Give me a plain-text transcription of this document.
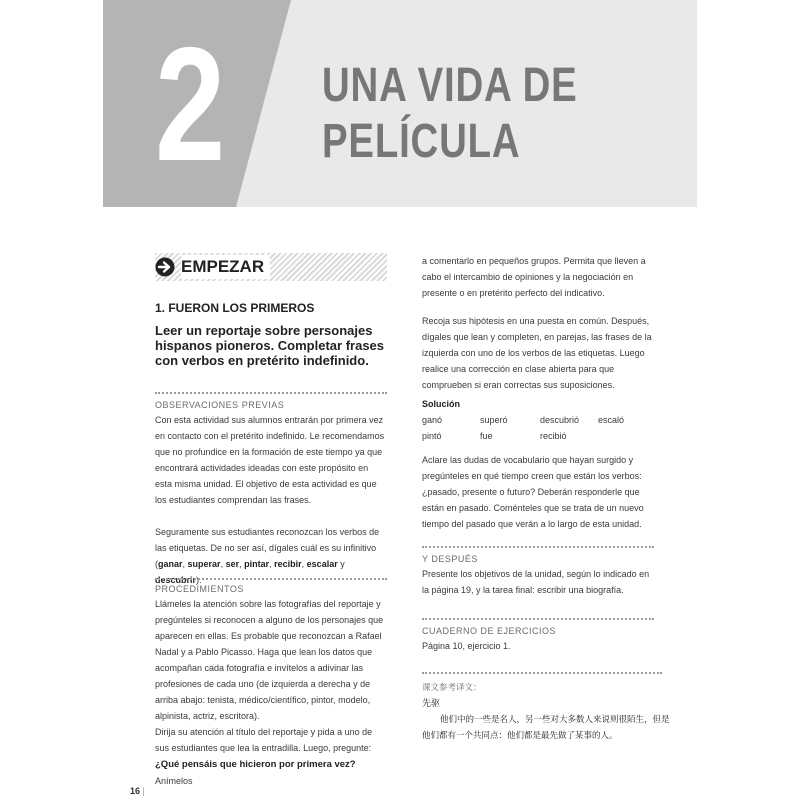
2 UNA VIDA DE
PELÍCULA
EMPEZAR
1. FUERON LOS PRIMEROS
Leer un reportaje sobre personajes hispanos pioneros. Completar frases con verbos en pretérito indefinido.
OBSERVACIONES PREVIAS

Con esta actividad sus alumnos entrarán por primera vez en contacto con el pretérito indefinido. Le recomendamos que no profundice en la formación de este tiempo ya que encontrará actividades ideadas con este propósito en esta misma unidad. El objetivo de esta actividad es que los estudiantes comprendan las frases.

Seguramente sus estudiantes reconozcan los verbos de las etiquetas. De no ser así, dígales cuál es su infinitivo (ganar, superar, ser, pintar, recibir, escalar y descubrir).

PROCEDIMIENTOS

Llámeles la atención sobre las fotografías del reportaje y pregúnteles si reconocen a alguno de los personajes que aparecen en ellas. Es probable que reconozcan a Rafael Nadal y a Pablo Picasso. Haga que lean los datos que acompañan cada fotografía e invítelos a adivinar las profesiones de cada uno (de izquierda a derecha y de arriba abajo: tenista, médico/científico, pintor, modelo, alpinista, actriz, escritora).

Dirija su atención al título del reportaje y pida a uno de sus estudiantes que lea la entradilla. Luego, pregunte: ¿Qué pensáis que hicieron por primera vez? Anímelos

a comentarlo en pequeños grupos. Permita que lleven a cabo el intercambio de opiniones y la negociación en presente o en pretérito perfecto del indicativo.

Recoja sus hipótesis en una puesta en común. Después, dígales que lean y completen, en parejas, las frases de la izquierda con uno de los verbos de las etiquetas. Luego realice una corrección en clase abierta para que comprueben si eran correctas sus suposiciones.

Solución
ganó	superó	descubrió	escaló
pintó	fue	recibió

Aclare las dudas de vocabulario que hayan surgido y pregúnteles en qué tiempo creen que están los verbos: ¿pasado, presente o futuro? Deberán responderle que están en pasado. Coménteles que se trata de un nuevo tiempo del pasado que verán a lo largo de esta unidad.

Y DESPUÉS
Presente los objetivos de la unidad, según lo indicado en la página 19, y la tarea final: escribir una biografía.
CUADERNO DE EJERCICIOS
Página 10, ejercicio 1.
课文参考译文：
先驱
他们中的一些是名人，另一些对大多数人来说则很陌生，但是
他们都有一个共同点：他们都是最先做了某事的人。
16 |
